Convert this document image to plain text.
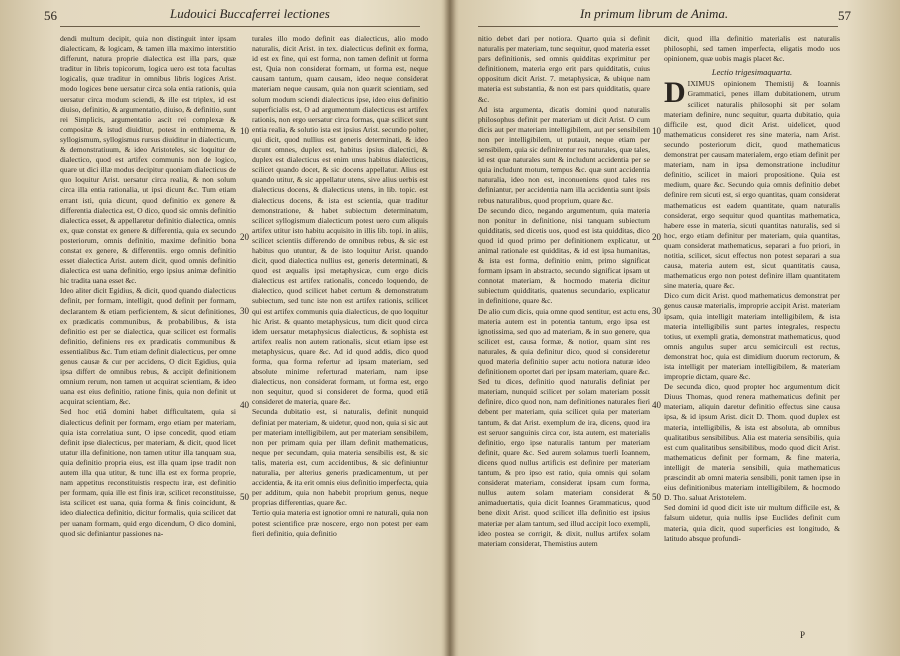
56	Ludouici Buccaferrei lectiones

dendi multum decipit, quia non distinguit inter ipsam dialecticam, & logicam, & tamen illa maximo interstitio differunt, natura proprie dialectica est illa pars, quæ traditur in libris topicorum, logica uero est tota facultas logicalis, quæ traditur in omnibus libris logices Arist. modo logices bene uersatur circa sola entia rationis, quia uersatur circa modum sciendi, & ille est triplex, id est diuiso, definitio, & argumentatio, diuiso, & definitio, sunt rei Simplicis, argumentatio ascit rei complexæ & compositæ & istud diuiditur, potest in enthimema, & syllogismum, syllogismus rursus diuiditur in dialecticum, & demonstratiuum, & ideo Aristoteles, sic loquitur de dialectico, quod est artifex communis non de logico, quare ut dici illæ modus decipitur quoniam dialecticus de quo loquitur Arist. uersatur circa realia, & non solum circa illa entia rationalia, ut ipsi dicunt &c. Tum etiam errant isti, quia dicunt, quod definitio ex genere & differentia dialectica est, O dico, quod sic omnis definitio dialectica esset, & appellaretur definitio dialectica, omnis ex, quæ constat ex genere & differentia, quia ex secundo posteriorum, omnis definitio, maxime definitio bona constat ex genere, & differentiis. ergo omnis definitio esset dialectica Arist. autem dicit, quod omnis definitio dialectica est uana definitio, ergo ipsius animæ definitio hic tradita uana esset &c.

Ideo aliter dicit Egidius, & dicit, quod quando dialecticus definit, per formam, intelligit, quod definit per formam, declarantem & etiam perficientem, & sicut definitiones, ex prædicatis communibus, & probabilibus, & ista definitio est per se dialectica, quæ scilicet est formalis definitio, definiens res ex prædicatis communibus & essentialibus &c. Tum etiam definit dialecticus, per omne genus causæ & cur per accidens, O dicit Egidius, quia ipsa differt de omnibus rebus, & accipit definitionem omnium rerum, non tamen ut acquirat scientiam, & ideo uana est eius definitio, ratione finis, quia non definit ut acquirat scientiam, &c.

Sed hoc etiâ domini habet difficultatem, quia si dialecticus definit per formam, ergo etiam per materiam, quia ista correlatiua sunt, O ipse concedit, quod etiam definit ipse dialecticus, per materiam, & dicit, quod licet utatur illa definitione, non tamen utitur illa tanquam sua, quia definitio propria eius, est illa quam ipse tradit non autem illa qua utitur, & tunc illa est ex forma proprie, nam appetitus reconstituistis respectu iræ, est definitio per formam, quia ille est finis iræ, scilicet reconstituisse, ista scilicet est uana, quia forma & finis coincidunt, & ideo dialectica definitio, dicitur formalis, quia scilicet dat per uanam formam, quid ergo dicendum, O dico domini, quod sic definiantur passiones na-

turales illo modo definit eas dialecticus, alio modo naturalis, dicit Arist. in tex. dialecticus definit ex forma, id est ex fine, qui est forma, non tamen definit ut forma est, Quia non considerat formam, ut forma est, neque causam tantum, quam causam, ideo neque considerat materiam neque causam, quia non quærit scientiam, sed solum modum sciendi dialecticus ipse, ideo eius definitio superficialis est, O ad argumentum dialecticus est artifex rationis, non ergo uersatur circa formas, quæ scilicet sunt entia realia, & solutio ista est ipsius Arist. secundo polter, qui dicit, quod nullius est generis determinati, & ideo dicunt omnes, duplex est, habitus ipsius dialectici, & duplex est dialecticus est enim unus habitus dialecticus, scilicet quando docet, & sic docens appellatur. Alius est quando utitur, & sic appellatur utens, sive alius uerbis est dialecticus docens, & dialecticus utens, in lib. topic. est dialecticus docens, & ista est scientia, quæ traditur demonstratione, & habet subiectum determinatum, scilicet syllogismum dialecticum potest uero cum aliquis artifex utitur isto habitu acquisito in illis lib. topi. in aliis, scilicet scientiis differendo de omnibus rebus, & sic est habitus quo utuntur, & de isto loquitur Arist. quando dicit, quod dialectica nullius est, generis determinati, & quod est æqualis ipsi metaphysicæ, cum ergo dicis dialecticus est artifex rationalis, concedo loquendo, de dialectico, quod scilicet habet certum & demonstratum subiectum, sed tunc iste non est artifex rationis, scilicet qui est artifex communis quia dialecticus, de quo loquitur hic Arist. & quanto metaphysicus, tum dicit quod circa idem uersatur metaphysicus dialecticus, & sophista est artifex realis non autem rationalis, sicut etiam ipse est metaphysicus, quare &c. Ad id quod addis, dico quod forma, qua forma refertur ad ipsam materiam, sed absolute minime referturad materiam, nam ipse dialecticus, non considerat formam, ut forma est, ergo non sequitur, quod si consideret de forma, quod etiâ consideret de materia, quare &c.

Secunda dubitatio est, si naturalis, definit nunquid definiat per materiam, & uidetur, quod non, quia si sic aut per materiam intelligibilem, aut per materiam sensibilem, non per primam quia per illam definit mathematicus, neque per secundam, quia materia sensibilis est, & sic talis, materia est, cum accidentibus, & sic definiuntur naturalia, per alterius generis prædicamentum, ut per accidentia, & ita erit omnis eius definitio imperfecta, quia per additum, quia non habebit proprium genus, neque proprias differentias, quare &c.

Tertio quia materia est ignotior omni re naturali, quia non potest scientifice præ noscere, ergo non potest per eam fieri definitio, quia definitio

10
20
30
40
50
In primum librum de Anima.	57

nitio debet dari per notiora. Quarto quia si definit naturalis per materiam, tunc sequitur, quod materia esset pars definitionis, sed omnis quidditas exprimitur per definitionem, materia ergo erit pars quidditatis, cuius oppositum dicit Arist. 7. metaphysicæ, & ubique nam materia est substantia, & non est pars quidditatis, quare &c.

Ad ista argumenta, dicatis domini quod naturalis philosophus definit per materiam ut dicit Arist. O cum dicis aut per materiam intelligibilem, aut per sensibilem non per intelligibilem, ut putauit, neque etiam per sensibilem, quia sic definirentur res naturales, quæ tales, id est quæ naturales sunt & includunt accidentia per se quia includunt motum, tempus &c. quæ sunt accidentia naturalia, ideo non est, inconueniens quod tales res definiantur, per accidentia nam illa accidentia sunt ipsis rebus naturalibus, quod proprium, quare &c.

De secundo dico, negando argumentum, quia materia non ponitur in definitione, nisi tanquam subiectum quidditatis, sed dicetis uos, quod est ista quidditas, dico quod id quod primo per definitionem explicatur, ut animal rationale est quidditas, & id est ipsa humanitas, & ista est forma, definitio enim, primo significat formam ipsam in abstracto, secundo significat ipsam ut connotat materiam, & hocmodo materia dicitur subiectum quidditatis, quatenus secundario, explicatur in definitione, quare &c.

De alio cum dicis, quia omne quod sentitur, est actu ens, materia autem est in potentia tantum, ergo ipsa est ignotissima, sed quo ad materiam, & in suo genere, qua scilicet est, causa formæ, & notior, quam sint res naturales, & quia definitur dico, quod si consideretur quod materia definitio super actu notiora naturæ ideo definitionem oportet dari per ipsam materiam, quare &c.

Sed tu dices, definitio quod naturalis definiat per materiam, nunquid scilicet per solam materiam possit definire, dico quod non, nam definitiones naturales fieri debent per materiam, quia scilicet quia per materiam tantum, & dat Arist. exemplum de ira, dicens, quod ira est seruor sanguinis circa cor, ista autem, est materialis definitio, ergo ipse naturalis tantum per materiam definit, quare &c. Sed aurem solamus tuerli Ioannem, dicens quod nullus artificis est definire per materiam tantum, & pro ipso est ratio, quia omnis qui solam considerat materiam, considerat ipsam cum forma, nullus autem solam materiam considerat & animaduertatis, quia dicit Ioannes Grammaticus, quod bene dixit Arist. quod scilicet illa definitio est ipsius materiæ per alam tantum, sed illud accipit loco exempli, ideo postea se corrigit, & dixit, nullus artifex solam materiam considerat, Themistius autem

dicit, quod illa definitio materialis est naturalis philosophi, sed tamen imperfecta, eligatis modo uos opinionem, quæ uobis magis placet &c.

Lectio trigesimaquarta.

DIXIMUS opinionem Themistij & Ioannis Grammatici, penes illam dubitationem, utrum scilicet naturalis philosophi sit per solam materiam definire, nunc sequitur, quarta dubitatio, quia difficile est, quod dicit Arist. uidelicet, quod mathematicus consideret res sine materia, nam Arist. secundo posteriorum dicit, quod mathematicus demonstrat per causam materialem, ergo etiam definit per materiam, nam in ipsa demonstratione includitur definitio, scilicet in maiori propositione. Quia est medium, quare &c. Secundo quia omnis definitio debet definire rem sicuti est, si ergo quantitas, quam considerat mathematicus est eadem quantitate, quam naturalis considerat, ergo sequitur quod quantitas mathematica, habere esse in materia, sicuti quantitas naturalis, sed si hoc, ergo etiam definitur per materiam, quia quantitas, quam considerat mathematicus, separari a fuo priori, in notitia, scilicet, sicut effectus non potest separari a sua causa, materia autem est, sicut quantitatis causa, mathematicus ergo non potest definire illam quantitatem sine materia, quare &c.

Dico cum dicit Arist. quod mathematicus demonstrat per genus causæ materialis, improprie accipit Arist. materiam ipsam, quia intelligit materiam intelligibilem, & ista materia intelligibilis sunt partes integrales, respectu totius, ut exempli gratia, demonstrat mathematicus, quod omnis angulus super arcu semicirculi est rectus, demonstrat hoc, quia est dimidium duorum rectorum, & ista intelligit per materiam intelligibilem, & materiam improprie dictam, quare &c.

De secunda dico, quod propter hoc argumentum dicit Diuus Thomas, quod renera mathematicus definit per materiam, aliquin daretur definitio effectus sine causa ipsa, & id ipsum Arist. dicit D. Thom. quod duplex est materia, intelligibilis, & ista est absoluta, ab omnibus qualitatibus sensibilibus. Alia est materia sensibilis, quia est cum qualitatibus sensibilibus, modo quod dicit Arist. mathematicus definit per formam, & fine materia, intelligit de materia sensibili, quia mathematicus præscindit ab omni materia sensibili, ponit tamen ipse in eius definitionibus materiam intelligibilem, & hocmodo D. Tho. saluat Aristotelem.

Sed domini id quod dicit iste uir multum difficile est, & falsum uidetur, quia nullis ipse Euclides definit cum materia, quia dicit, quod superficies est longitudo, & latitudo absque profundi-

10
20
30
40
50
P
